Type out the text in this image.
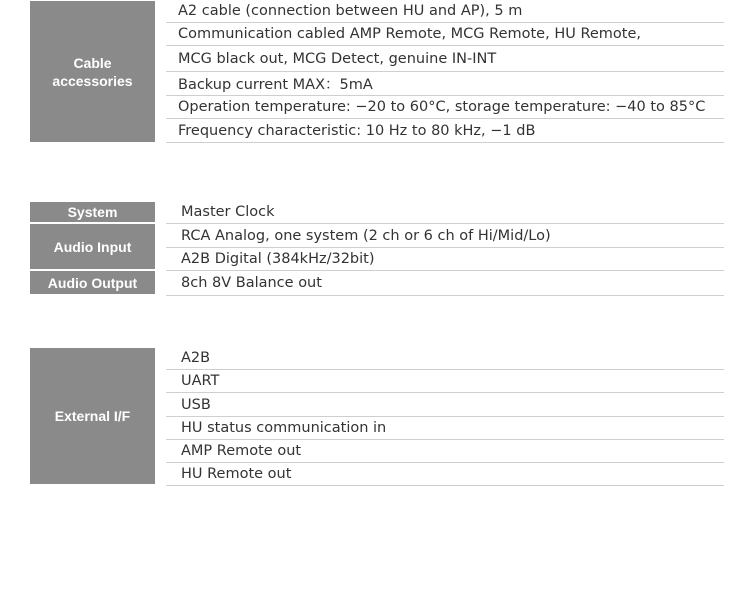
Cable accessories
A2 cable (connection between HU and AP), 5 m
Communication cabled AMP Remote, MCG Remote, HU Remote,
MCG black out, MCG Detect, genuine IN-INT
Backup current MAX：5mA
Operation temperature: −20 to 60°C, storage temperature: −40 to 85°C
Frequency characteristic: 10 Hz to 80 kHz, −1 dB
System
Audio Input
Audio Output
Master Clock
RCA Analog, one system (2 ch or 6 ch of Hi/Mid/Lo)
A2B Digital (384kHz/32bit)
8ch 8V Balance out
External I/F
A2B
UART
USB
HU status communication in
AMP Remote out
HU Remote out
